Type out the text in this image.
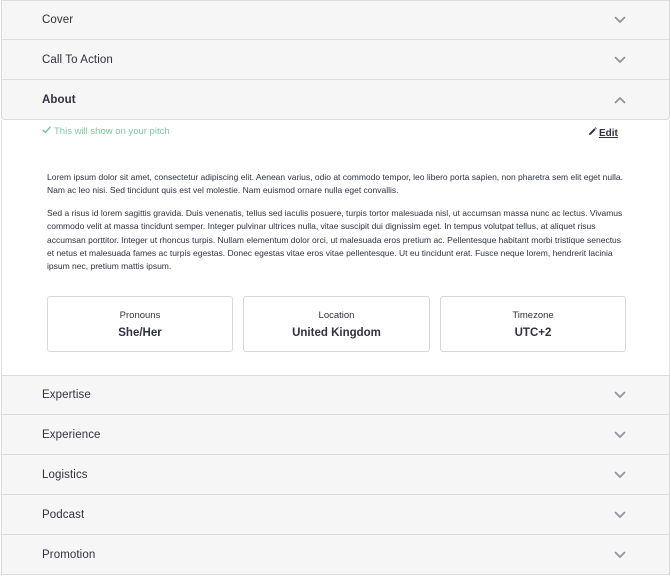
Cover
Call To Action
About
This will show on your pitch	Edit

Lorem ipsum dolor sit amet, consectetur adipiscing elit. Aenean varius, odio at commodo tempor, leo libero porta sapien, non pharetra sem elit eget nulla. Nam ac leo nisi. Sed tincidunt quis est vel molestie. Nam euismod ornare nulla eget convallis.

Sed a risus id lorem sagittis gravida. Duis venenatis, tellus sed iaculis posuere, turpis tortor malesuada nisl, ut accumsan massa nunc ac lectus. Vivamus commodo velit at massa tincidunt semper. Integer pulvinar ultrices nulla, vitae suscipit dui dignissim eget. In tempus volutpat tellus, at aliquet risus accumsan porttitor. Integer ut rhoncus turpis. Nullam elementum dolor orci, ut malesuada eros pretium ac. Pellentesque habitant morbi tristique senectus et netus et malesuada fames ac turpis egestas. Donec egestas vitae eros vitae pellentesque. Ut eu tincidunt erat. Fusce neque lorem, hendrerit lacinia ipsum nec, pretium mattis ipsum.

Pronouns
She/Her
Location
United Kingdom
Timezone
UTC+2
Expertise
Experience
Logistics
Podcast
Promotion
